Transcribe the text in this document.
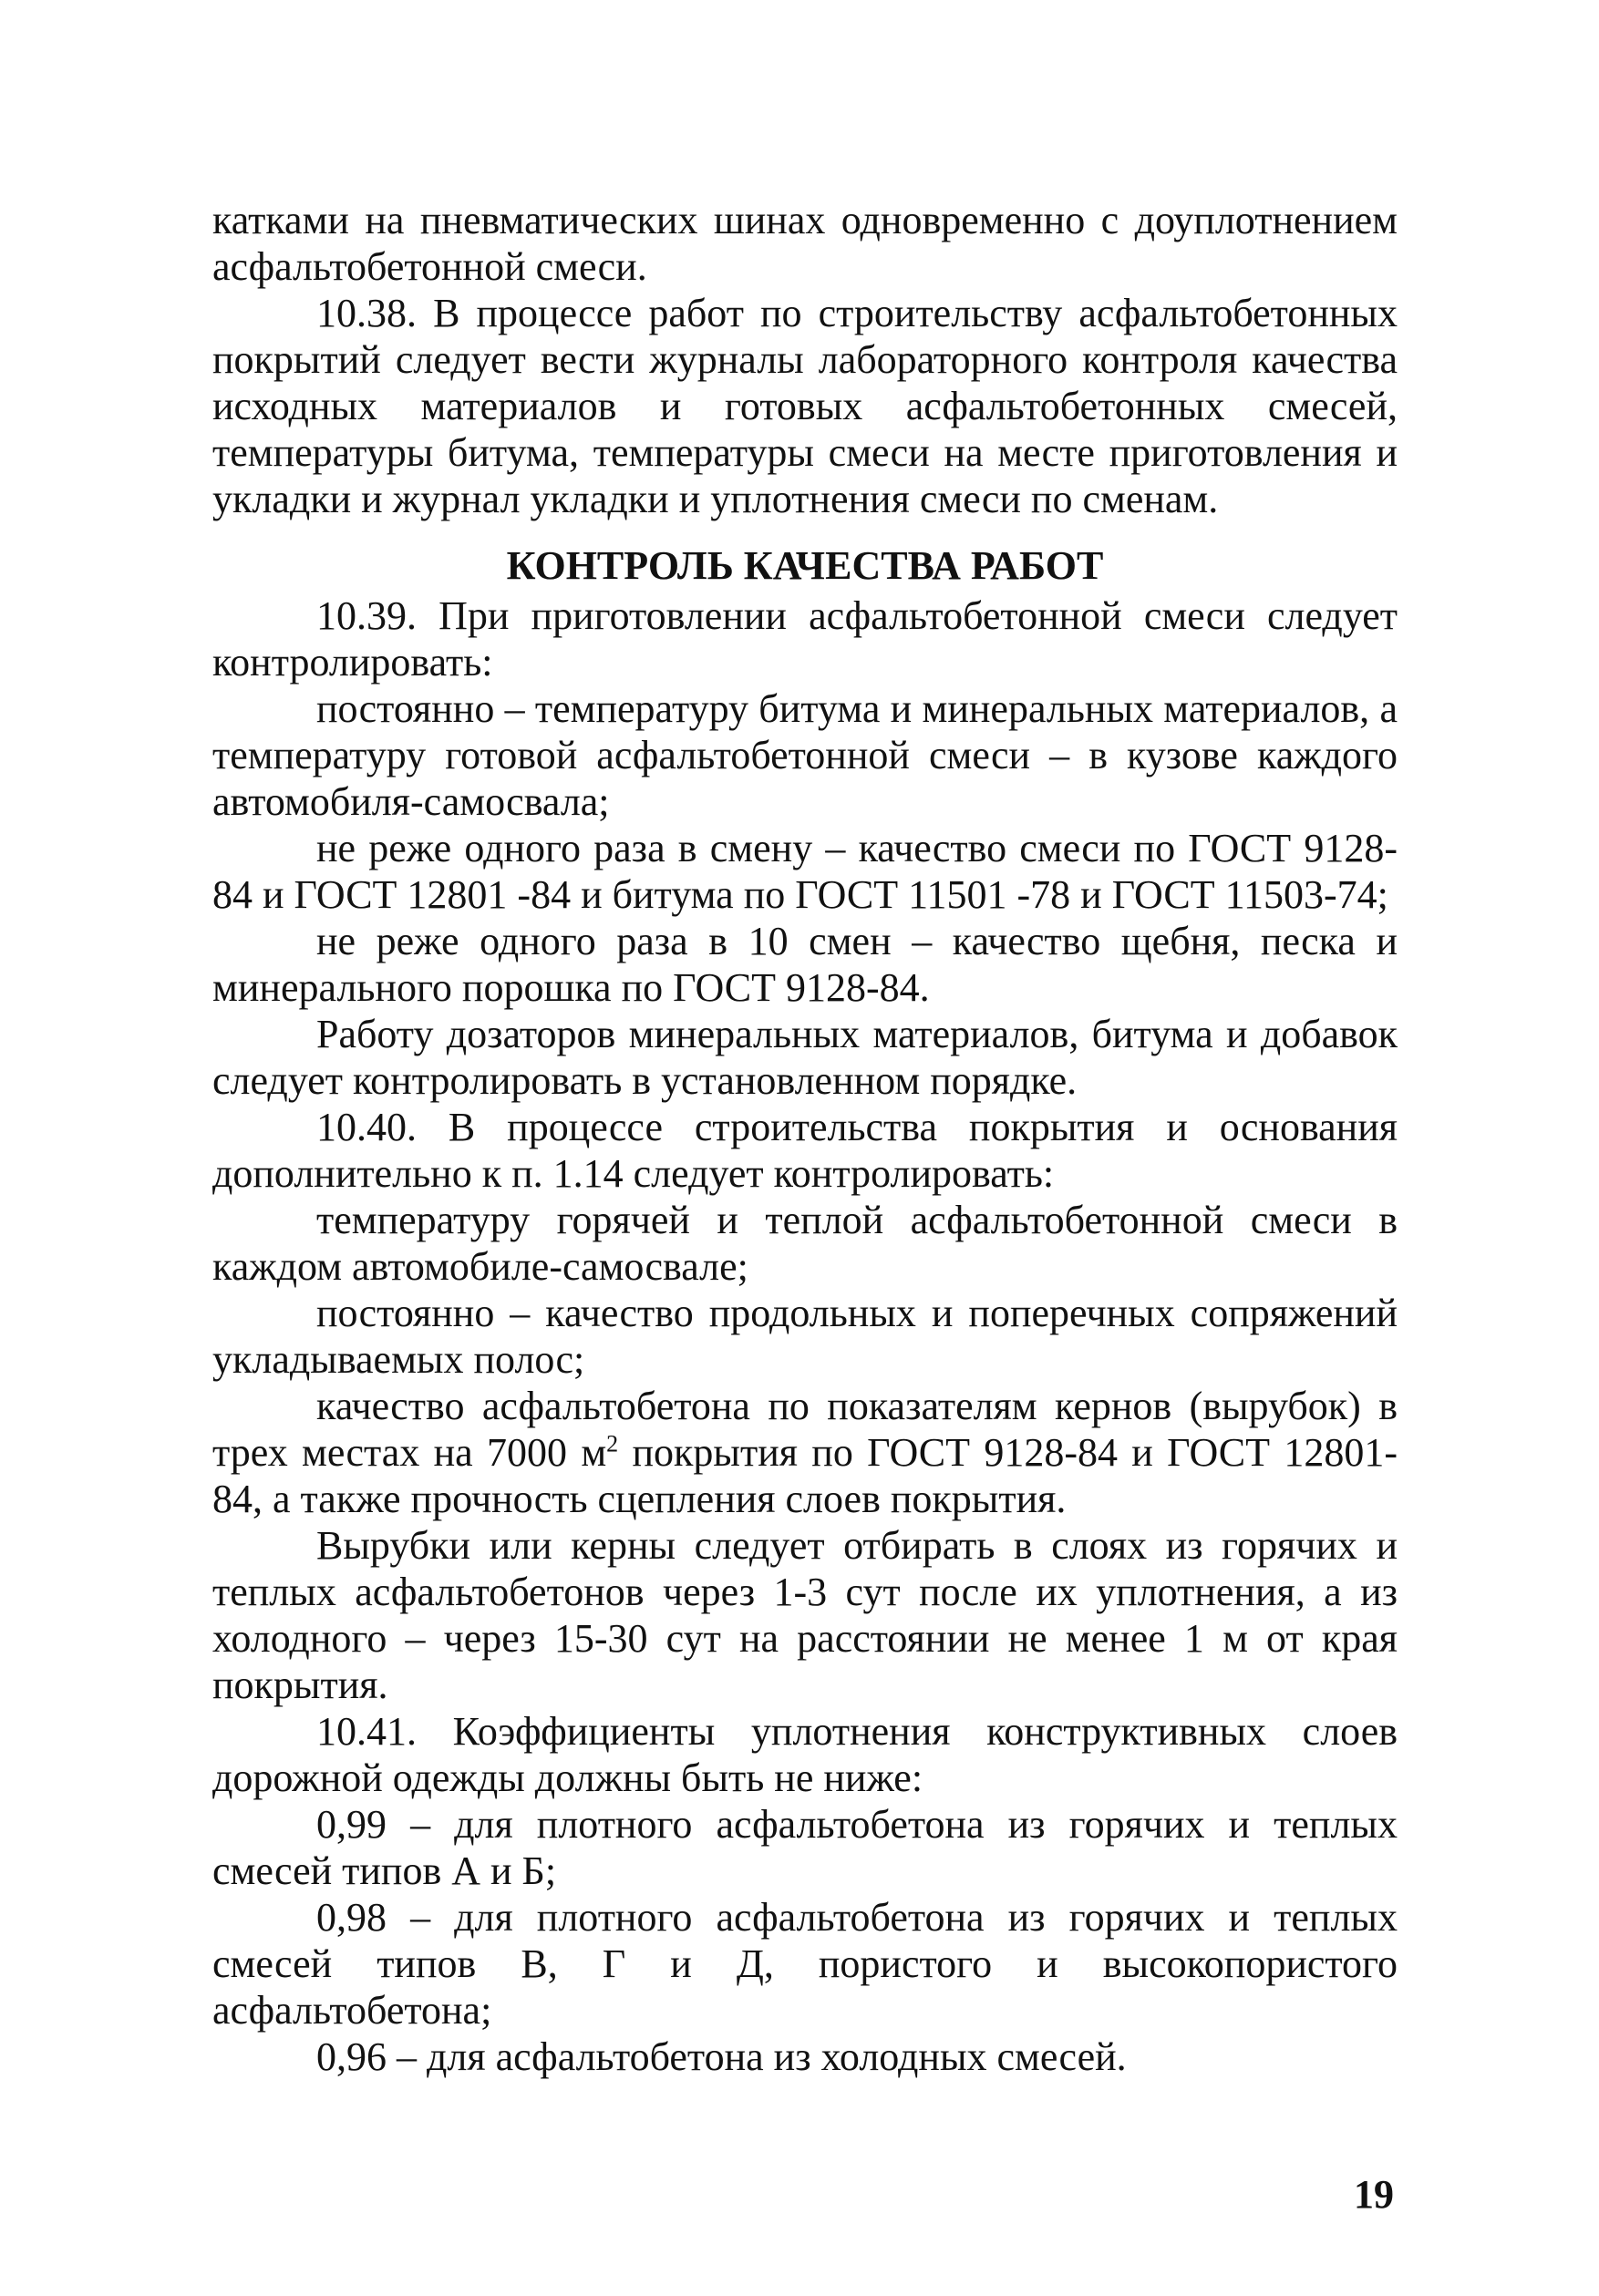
катками на пневматических шинах одновременно с доуплотнением асфальтобетонной смеси.

10.38. В процессе работ по строительству асфальтобетонных покрытий следует вести журналы лабораторного контроля качества исходных материалов и готовых асфальтобетонных смесей, температуры битума, температуры смеси на месте приготовления и укладки и журнал укладки и уплотнения смеси по сменам.

КОНТРОЛЬ КАЧЕСТВА РАБОТ

10.39. При приготовлении асфальтобетонной смеси следует контролировать:

постоянно – температуру битума и минеральных материалов, а температуру готовой асфальтобетонной смеси – в кузове каждого автомобиля-самосвала;

не реже одного раза в смену – качество смеси по ГОСТ 9128-84 и ГОСТ 12801 -84 и битума по ГОСТ 11501 -78 и ГОСТ 11503-74;

не реже одного раза в 10 смен – качество щебня, песка и минерального порошка по ГОСТ 9128-84.

Работу дозаторов минеральных материалов, битума и добавок следует контролировать в установленном порядке.

10.40. В процессе строительства покрытия и основания дополнительно к п. 1.14 следует контролировать:

температуру горячей и теплой асфальтобетонной смеси в каждом автомобиле-самосвале;

постоянно – качество продольных и поперечных сопряжений укладываемых полос;

качество асфальтобетона по показателям кернов (вырубок) в трех местах на 7000 $м^2$ покрытия по ГОСТ 9128-84 и ГОСТ 12801-84, а также прочность сцепления слоев покрытия.

Вырубки или керны следует отбирать в слоях из горячих и теплых асфальтобетонов через 1-3 сут после их уплотнения, а из холодного – через 15-30 сут на расстоянии не менее 1 м от края покрытия.

10.41. Коэффициенты уплотнения конструктивных слоев дорожной одежды должны быть не ниже:

0,99 – для плотного асфальтобетона из горячих и теплых смесей типов А и Б;

0,98 – для плотного асфальтобетона из горячих и теплых смесей типов В, Г и Д, пористого и высокопористого асфальтобетона;

0,96 – для асфальтобетона из холодных смесей.

19
